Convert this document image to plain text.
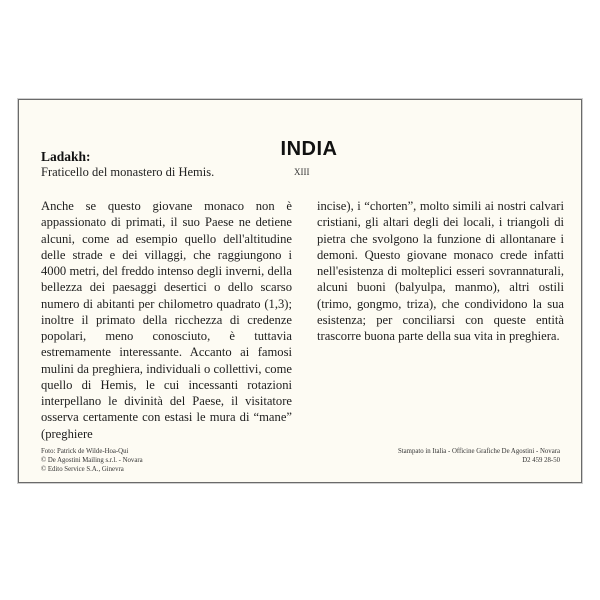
INDIA
Ladakh:
Fraticello del monastero di Hemis.	XIII

Anche se questo giovane monaco non è appassionato di primati, il suo Paese ne detiene alcuni, come ad esempio quello dell'altitudine delle strade e dei villaggi, che raggiungono i 4000 metri, del freddo intenso degli inverni, della bellezza dei paesaggi desertici o dello scarso numero di abitanti per chilometro quadrato (1,3); inoltre il primato della ricchezza di credenze popolari, meno conosciuto, è tuttavia estremamente interessante. Accanto ai famosi mulini da preghiera, individuali o collettivi, come quello di Hemis, le cui incessanti rotazioni interpellano le divinità del Paese, il visitatore osserva certamente con estasi le mura di “mane” (preghiere

incise), i “chorten”, molto simili ai nostri calvari cristiani, gli altari degli dei locali, i triangoli di pietra che svolgono la funzione di allontanare i demoni. Questo giovane monaco crede infatti nell'esistenza di molteplici esseri sovrannaturali, alcuni buoni (balyulpa, manmo), altri ostili (trimo, gongmo, triza), che condividono la sua esistenza; per conciliarsi con queste entità trascorre buona parte della sua vita in preghiera.

Foto: Patrick de Wilde-Hoa-Qui
© De Agostini Mailing s.r.l. - Novara
© Edito Service S.A., Ginevra
Stampato in Italia - Officine Grafiche De Agostini - Novara
D2 459 28-50
